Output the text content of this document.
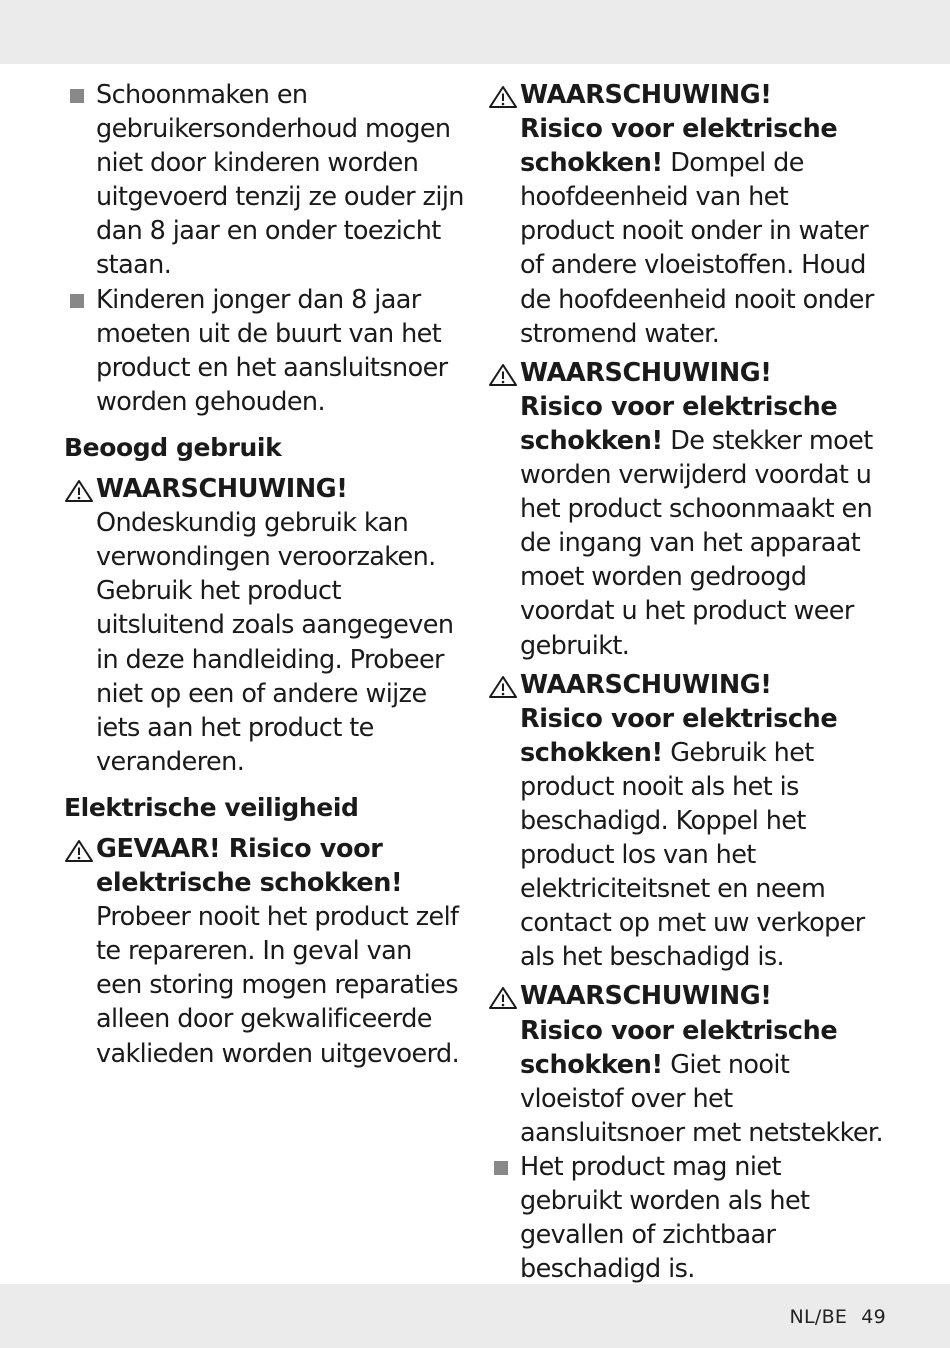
Schoonmaken en gebruikersonderhoud mogen niet door kinderen worden uitgevoerd tenzij ze ouder zijn dan 8 jaar en onder toezicht staan.
Kinderen jonger dan 8 jaar moeten uit de buurt van het product en het aansluitsnoer worden gehouden.
Beoogd gebruik
WAARSCHUWING!
Ondeskundig gebruik kan verwondingen veroorzaken. Gebruik het product uitsluitend zoals aangegeven in deze handleiding. Probeer niet op een of andere wijze iets aan het product te veranderen.
Elektrische veiligheid
GEVAAR! Risico voor elektrische schokken!
Probeer nooit het product zelf te repareren. In geval van een storing mogen reparaties alleen door gekwalificeerde vaklieden worden uitgevoerd.
WAARSCHUWING!
Risico voor elektrische schokken! Dompel de hoofdeenheid van het product nooit onder in water of andere vloeistoffen. Houd de hoofdeenheid nooit onder stromend water.
WAARSCHUWING!
Risico voor elektrische schokken! De stekker moet worden verwijderd voordat u het product schoonmaakt en de ingang van het apparaat moet worden gedroogd voordat u het product weer gebruikt.
WAARSCHUWING!
Risico voor elektrische schokken! Gebruik het product nooit als het is beschadigd. Koppel het product los van het elektriciteitsnet en neem contact op met uw verkoper als het beschadigd is.
WAARSCHUWING!
Risico voor elektrische schokken! Giet nooit vloeistof over het aansluitsnoer met netstekker.
Het product mag niet gebruikt worden als het gevallen of zichtbaar beschadigd is.
NL/BE 49
